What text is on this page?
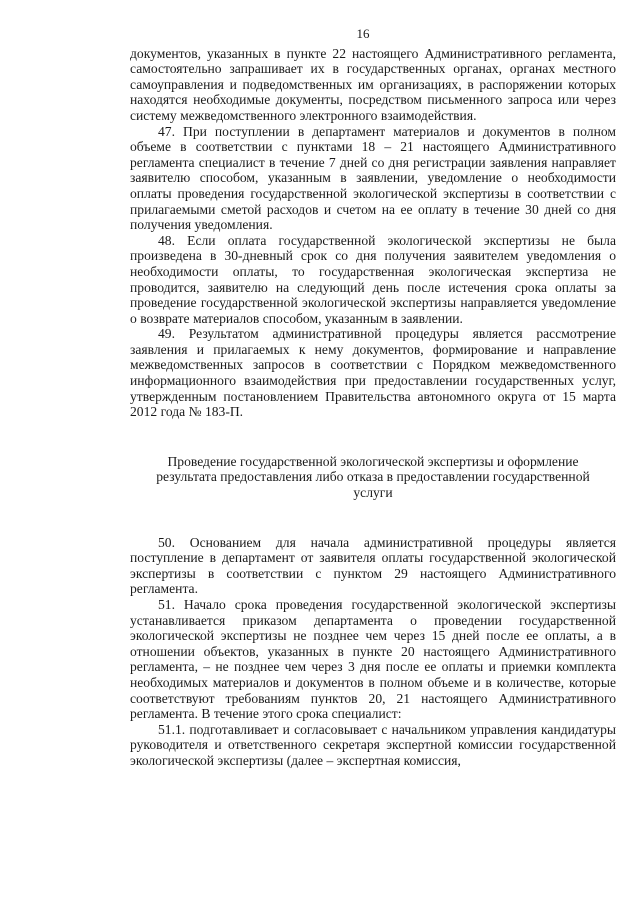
16

документов, указанных в пункте 22 настоящего Административного регламента, самостоятельно запрашивает их в государственных органах, органах местного самоуправления и подведомственных им организациях, в распоряжении которых находятся необходимые документы, посредством письменного запроса или через систему межведомственного электронного взаимодействия.

47. При поступлении в департамент материалов и документов в полном объеме в соответствии с пунктами 18 – 21 настоящего Административного регламента специалист в течение 7 дней со дня регистрации заявления направляет заявителю способом, указанным в заявлении, уведомление о необходимости оплаты проведения государственной экологической экспертизы в соответствии с прилагаемыми сметой расходов и счетом на ее оплату в течение 30 дней со дня получения уведомления.

48. Если оплата государственной экологической экспертизы не была произведена в 30-дневный срок со дня получения заявителем уведомления о необходимости оплаты, то государственная экологическая экспертиза не проводится, заявителю на следующий день после истечения срока оплаты за проведение государственной экологической экспертизы направляется уведомление о возврате материалов способом, указанным в заявлении.

49. Результатом административной процедуры является рассмотрение заявления и прилагаемых к нему документов, формирование и направление межведомственных запросов в соответствии с Порядком межведомственного информационного взаимодействия при предоставлении государственных услуг, утвержденным постановлением Правительства автономного округа от 15 марта 2012 года № 183-П.

Проведение государственной экологической экспертизы и оформление результата предоставления либо отказа в предоставлении государственной услуги

50. Основанием для начала административной процедуры является поступление в департамент от заявителя оплаты государственной экологической экспертизы в соответствии с пунктом 29 настоящего Административного регламента.

51. Начало срока проведения государственной экологической экспертизы устанавливается приказом департамента о проведении государственной экологической экспертизы не позднее чем через 15 дней после ее оплаты, а в отношении объектов, указанных в пункте 20 настоящего Административного регламента, – не позднее чем через 3 дня после ее оплаты и приемки комплекта необходимых материалов и документов в полном объеме и в количестве, которые соответствуют требованиям пунктов 20, 21 настоящего Административного регламента. В течение этого срока специалист:

51.1. подготавливает и согласовывает с начальником управления кандидатуры руководителя и ответственного секретаря экспертной комиссии государственной экологической экспертизы (далее – экспертная комиссия,
